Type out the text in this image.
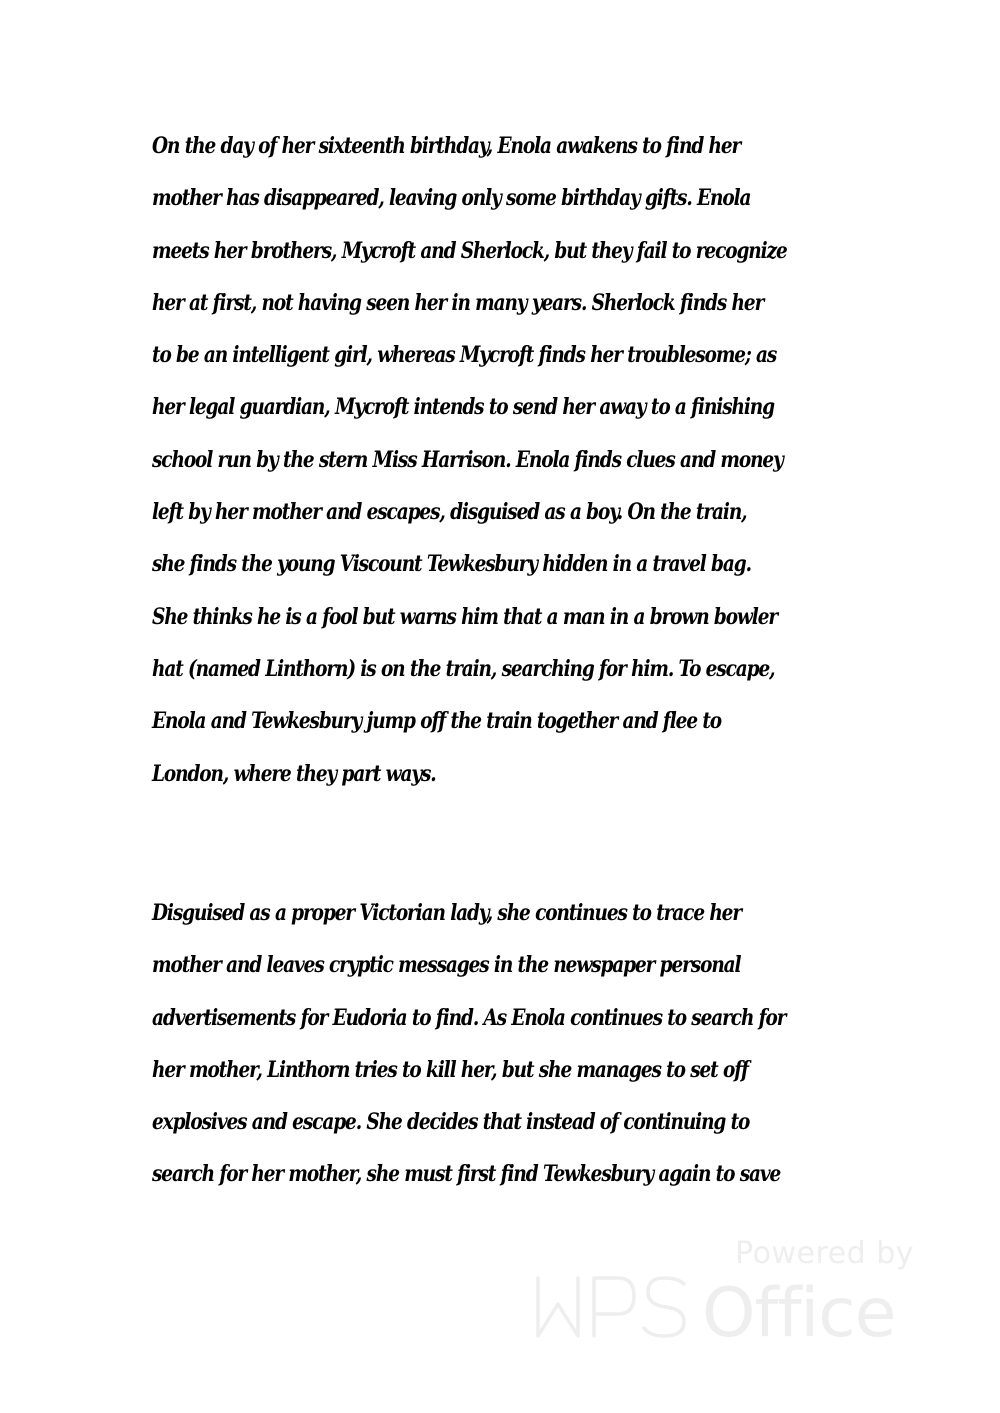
On the day of her sixteenth birthday, Enola awakens to find her
mother has disappeared, leaving only some birthday gifts. Enola
meets her brothers, Mycroft and Sherlock, but they fail to recognize
her at first, not having seen her in many years. Sherlock finds her
to be an intelligent girl, whereas Mycroft finds her troublesome; as
her legal guardian, Mycroft intends to send her away to a finishing
school run by the stern Miss Harrison. Enola finds clues and money
left by her mother and escapes, disguised as a boy. On the train,
she finds the young Viscount Tewkesbury hidden in a travel bag.
She thinks he is a fool but warns him that a man in a brown bowler
hat (named Linthorn) is on the train, searching for him. To escape,
Enola and Tewkesbury jump off the train together and flee to
London, where they part ways.
Disguised as a proper Victorian lady, she continues to trace her
mother and leaves cryptic messages in the newspaper personal
advertisements for Eudoria to find. As Enola continues to search for
her mother, Linthorn tries to kill her, but she manages to set off
explosives and escape. She decides that instead of continuing to
search for her mother, she must first find Tewkesbury again to save
Powered by
Office
